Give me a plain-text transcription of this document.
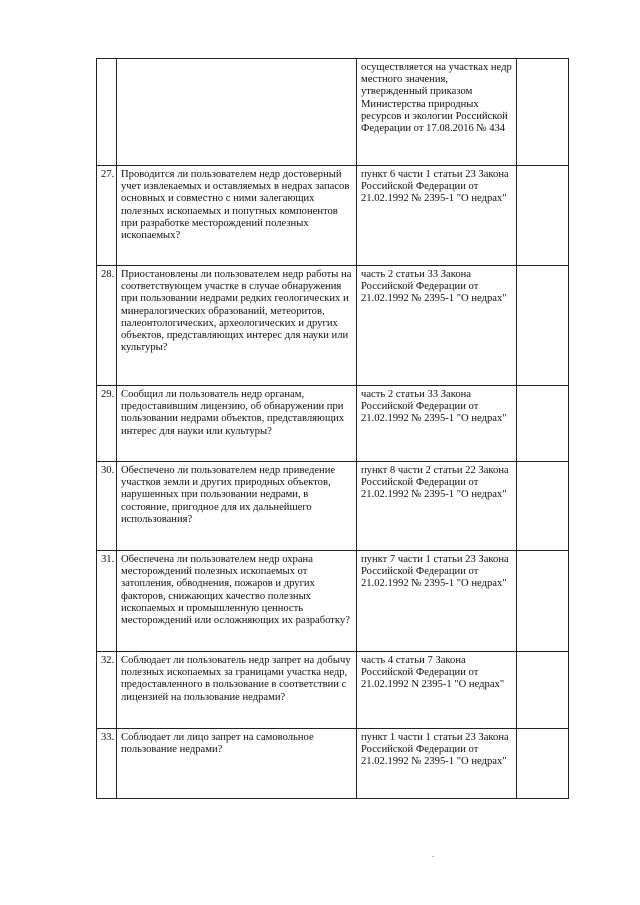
		осуществляется на участках недр местного значения, утвержденный приказом Министерства природных ресурсов и экологии Российской Федерации от 17.08.2016 № 434	
27.	Проводится ли пользователем недр достоверный учет извлекаемых и оставляемых в недрах запасов основных и совместно с ними залегающих полезных ископаемых и попутных компонентов при разработке месторождений полезных ископаемых?	пункт 6 части 1 статьи 23 Закона Российской Федерации от 21.02.1992 № 2395-1 "О недрах"	
28.	Приостановлены ли пользователем недр работы на соответствующем участке в случае обнаружения при пользовании недрами редких геологических и минералогических образований, метеоритов, палеонтологических, археологических и других объектов, представляющих интерес для науки или культуры?	часть 2 статьи 33 Закона Российской Федерации от 21.02.1992 № 2395-1 "О недрах"	
29.	Сообщил ли пользователь недр органам, предоставившим лицензию, об обнаружении при пользовании недрами объектов, представляющих интерес для науки или культуры?	часть 2 статьи 33 Закона Российской Федерации от 21.02.1992 № 2395-1 "О недрах"	
30.	Обеспечено ли пользователем недр приведение участков земли и других природных объектов, нарушенных при пользовании недрами, в состояние, пригодное для их дальнейшего использования?	пункт 8 части 2 статьи 22 Закона Российской Федерации от 21.02.1992 № 2395-1 "О недрах"	
31.	Обеспечена ли пользователем недр охрана месторождений полезных ископаемых от затопления, обводнения, пожаров и других факторов, снижающих качество полезных ископаемых и промышленную ценность месторождений или осложняющих их разработку?	пункт 7 части 1 статьи 23 Закона Российской Федерации от 21.02.1992 № 2395-1 "О недрах"	
32.	Соблюдает ли пользователь недр запрет на добычу полезных ископаемых за границами участка недр, предоставленного в пользование в соответствии с лицензией на пользование недрами?	часть 4 статьи 7 Закона Российской Федерации от 21.02.1992 N 2395-1 "О недрах"	
33.	Соблюдает ли лицо запрет на самовольное пользование недрами?	пункт 1 части 1 статьи 23 Закона Российской Федерации от 21.02.1992 № 2395-1 "О недрах"	
